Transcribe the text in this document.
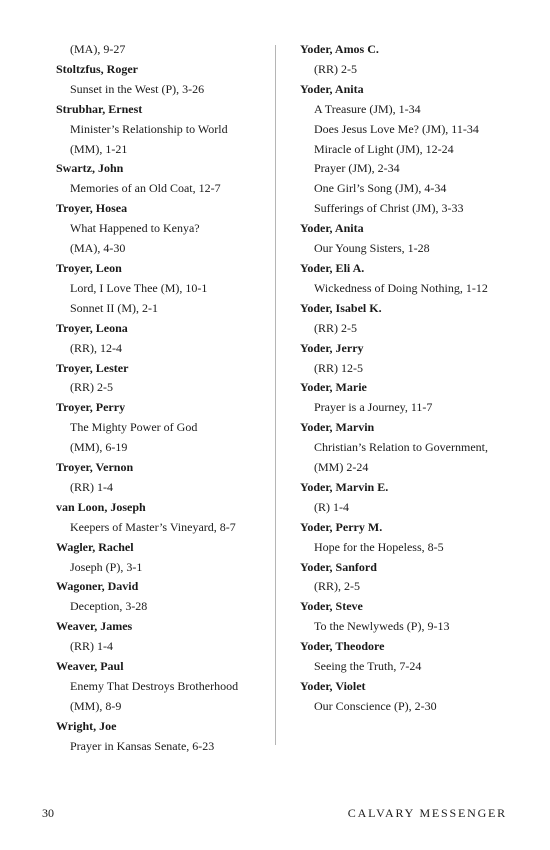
(MA), 9-27
Stoltzfus, Roger
Sunset in the West (P), 3-26
Strubhar, Ernest
Minister’s Relationship to World
(MM), 1-21
Swartz, John
Memories of an Old Coat, 12-7
Troyer, Hosea
What Happened to Kenya?
(MA), 4-30
Troyer, Leon
Lord, I Love Thee (M), 10-1
Sonnet II (M), 2-1
Troyer, Leona
(RR), 12-4
Troyer, Lester
(RR) 2-5
Troyer, Perry
The Mighty Power of God
(MM), 6-19
Troyer, Vernon
(RR) 1-4
van Loon, Joseph
Keepers of Master’s Vineyard, 8-7
Wagler, Rachel
Joseph (P), 3-1
Wagoner, David
Deception, 3-28
Weaver, James
(RR) 1-4
Weaver, Paul
Enemy That Destroys Brotherhood
(MM), 8-9
Wright, Joe
Prayer in Kansas Senate, 6-23
Yoder, Amos C.
(RR) 2-5
Yoder, Anita
A Treasure (JM), 1-34
Does Jesus Love Me? (JM), 11-34
Miracle of Light (JM), 12-24
Prayer (JM), 2-34
One Girl’s Song (JM), 4-34
Sufferings of Christ (JM), 3-33
Yoder, Anita
Our Young Sisters, 1-28
Yoder, Eli A.
Wickedness of Doing Nothing, 1-12
Yoder, Isabel K.
(RR) 2-5
Yoder, Jerry
(RR) 12-5
Yoder, Marie
Prayer is a Journey, 11-7
Yoder, Marvin
Christian’s Relation to Government,
(MM) 2-24
Yoder, Marvin E.
(R) 1-4
Yoder, Perry M.
Hope for the Hopeless, 8-5
Yoder, Sanford
(RR), 2-5
Yoder, Steve
To the Newlyweds (P), 9-13
Yoder, Theodore
Seeing the Truth, 7-24
Yoder, Violet
Our Conscience (P), 2-30
30	CALVARY MESSENGER
